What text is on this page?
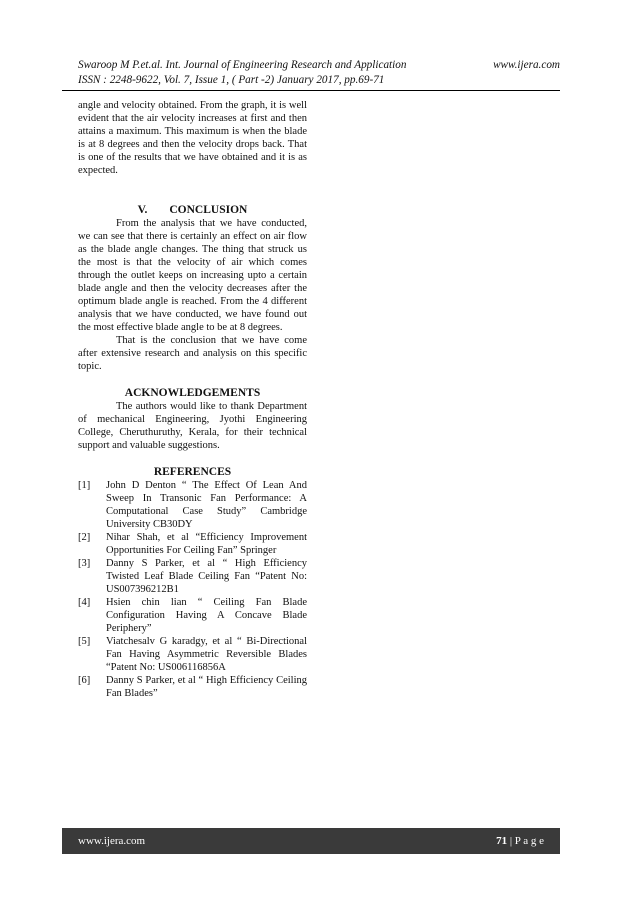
Swaroop M P.et.al. Int. Journal of Engineering Research and Application	www.ijera.com
ISSN : 2248-9622, Vol. 7, Issue 1, ( Part -2) January 2017, pp.69-71

angle and velocity obtained. From the graph, it is well evident that the air velocity increases at first and then attains a maximum. This maximum is when the blade is at 8 degrees and then the velocity drops back. That is one of the results that we have obtained and it is as expected.

V. CONCLUSION

From the analysis that we have conducted, we can see that there is certainly an effect on air flow as the blade angle changes. The thing that struck us the most is that the velocity of air which comes through the outlet keeps on increasing upto a certain blade angle and then the velocity decreases after the optimum blade angle is reached. From the 4 different analysis that we have conducted, we have found out the most effective blade angle to be at 8 degrees.

That is the conclusion that we have come after extensive research and analysis on this specific topic.

ACKNOWLEDGEMENTS

The authors would like to thank Department of mechanical Engineering, Jyothi Engineering College, Cheruthuruthy, Kerala, for their technical support and valuable suggestions.

REFERENCES
[1]	John D Denton “ The Effect Of Lean And Sweep In Transonic Fan Performance: A Computational Case Study” Cambridge University CB30DY
[2]	Nihar Shah, et al “Efficiency Improvement Opportunities For Ceiling Fan” Springer
[3]	Danny S Parker, et al “ High Efficiency Twisted Leaf Blade Ceiling Fan “Patent No: US007396212B1
[4]	Hsien chin lian “ Ceiling Fan Blade Configuration Having A Concave Blade Periphery”
[5]	Viatchesalv G karadgy, et al “ Bi-Directional Fan Having Asymmetric Reversible Blades “Patent No: US006116856A
[6]	Danny S Parker, et al “ High Efficiency Ceiling Fan Blades”
www.ijera.com	71 | P a g e
